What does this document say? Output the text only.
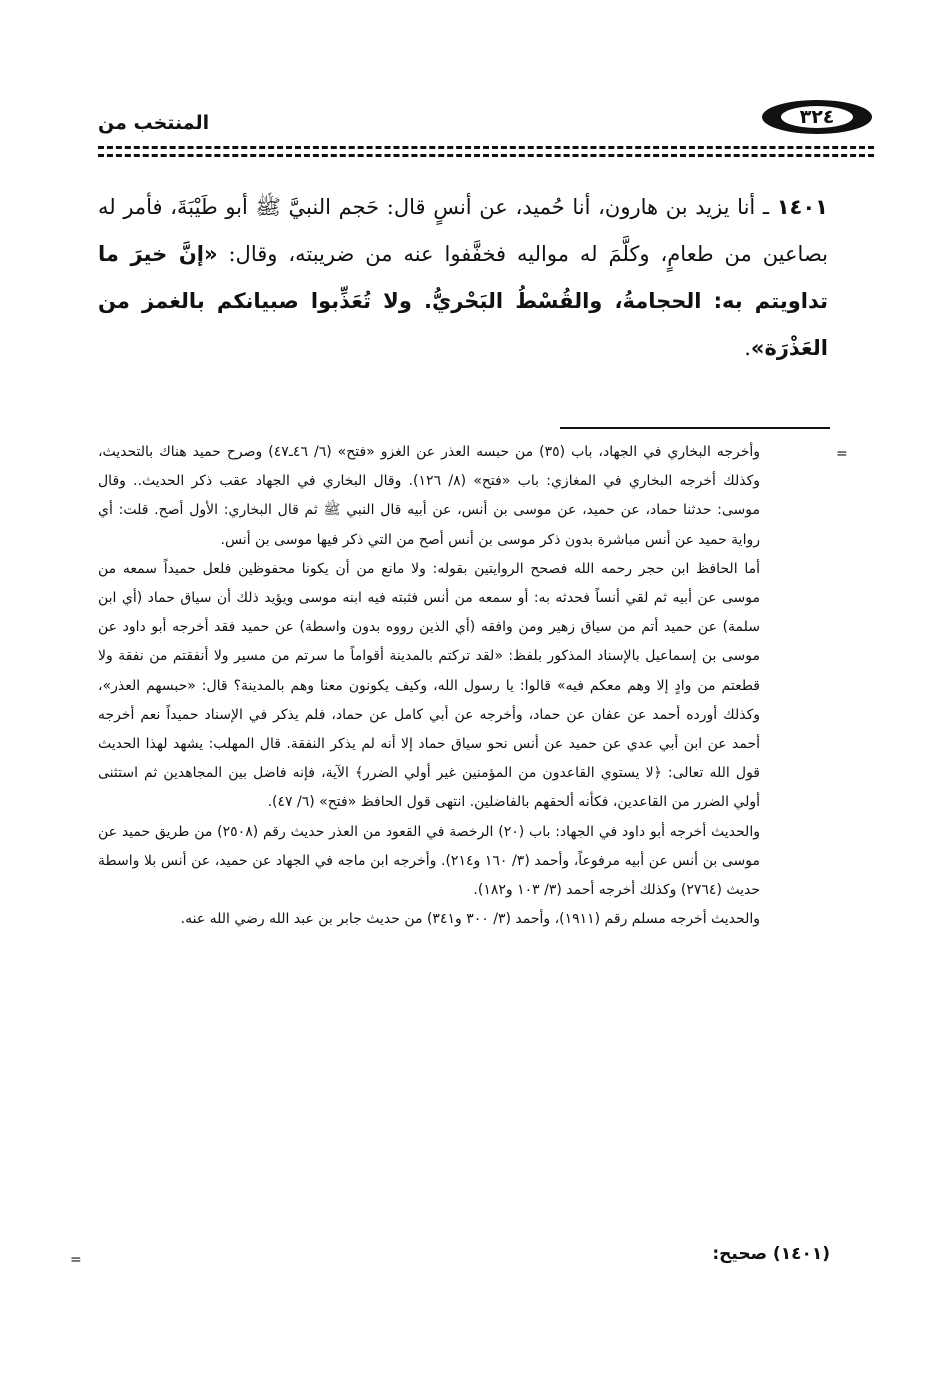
٣٢٤
المنتخب من
١٤٠١ ـ أنا يزيد بن هارون، أنا حُميد، عن أنسٍ قال: حَجم النبيَّ ﷺ أبو طَيْبَةَ، فأمر له بصاعين من طعامٍ، وكلَّمَ له مواليه فخفَّفوا عنه من ضريبته، وقال: «إنَّ خيرَ ما تداويتم به: الحجامةُ، والقُسْطُ البَحْريُّ. ولا تُعَذِّبوا صبيانكم بالغمز من العَذْرَة».
=

وأخرجه البخاري في الجهاد، باب (٣٥) من حبسه العذر عن الغزو «فتح» (٦/ ٤٦ـ٤٧) وصرح حميد هناك بالتحديث، وكذلك أخرجه البخاري في المغازي: باب «فتح» (٨/ ١٢٦). وقال البخاري في الجهاد عقب ذكر الحديث.. وقال موسى: حدثنا حماد، عن حميد، عن موسى بن أنس، عن أبيه قال النبي ﷺ ثم قال البخاري: الأول أصح. قلت: أي رواية حميد عن أنس مباشرة بدون ذكر موسى بن أنس أصح من التي ذكر فيها موسى بن أنس.

أما الحافظ ابن حجر رحمه الله فصحح الروايتين بقوله: ولا مانع من أن يكونا محفوظين فلعل حميداً سمعه من موسى عن أبيه ثم لقي أنساً فحدثه به: أو سمعه من أنس فثبته فيه ابنه موسى ويؤيد ذلك أن سياق حماد (أي ابن سلمة) عن حميد أتم من سياق زهير ومن وافقه (أي الذين رووه بدون واسطة) عن حميد فقد أخرجه أبو داود عن موسى بن إسماعيل بالإسناد المذكور بلفظ: «لقد تركتم بالمدينة أقواماً ما سرتم من مسير ولا أنفقتم من نفقة ولا قطعتم من وادٍ إلا وهم معكم فيه» قالوا: يا رسول الله، وكيف يكونون معنا وهم بالمدينة؟ قال: «حبسهم العذر»، وكذلك أورده أحمد عن عفان عن حماد، وأخرجه عن أبي كامل عن حماد، فلم يذكر في الإسناد حميداً نعم أخرجه أحمد عن ابن أبي عدي عن حميد عن أنس نحو سياق حماد إلا أنه لم يذكر النفقة. قال المهلب: يشهد لهذا الحديث قول الله تعالى: ﴿لا يستوي القاعدون من المؤمنين غير أولي الضرر﴾ الآية، فإنه فاضل بين المجاهدين ثم استثنى أولي الضرر من القاعدين، فكأنه ألحقهم بالفاضلين. انتهى قول الحافظ «فتح» (٦/ ٤٧).

والحديث أخرجه أبو داود في الجهاد: باب (٢٠) الرخصة في القعود من العذر حديث رقم (٢٥٠٨) من طريق حميد عن موسى بن أنس عن أبيه مرفوعاً، وأحمد (٣/ ١٦٠ و٢١٤). وأخرجه ابن ماجه في الجهاد عن حميد، عن أنس بلا واسطة حديث (٢٧٦٤) وكذلك أخرجه أحمد (٣/ ١٠٣ و١٨٢).

والحديث أخرجه مسلم رقم (١٩١١)، وأحمد (٣/ ٣٠٠ و٣٤١) من حديث جابر بن عبد الله رضي الله عنه.

(١٤٠١) صحيح:
=
